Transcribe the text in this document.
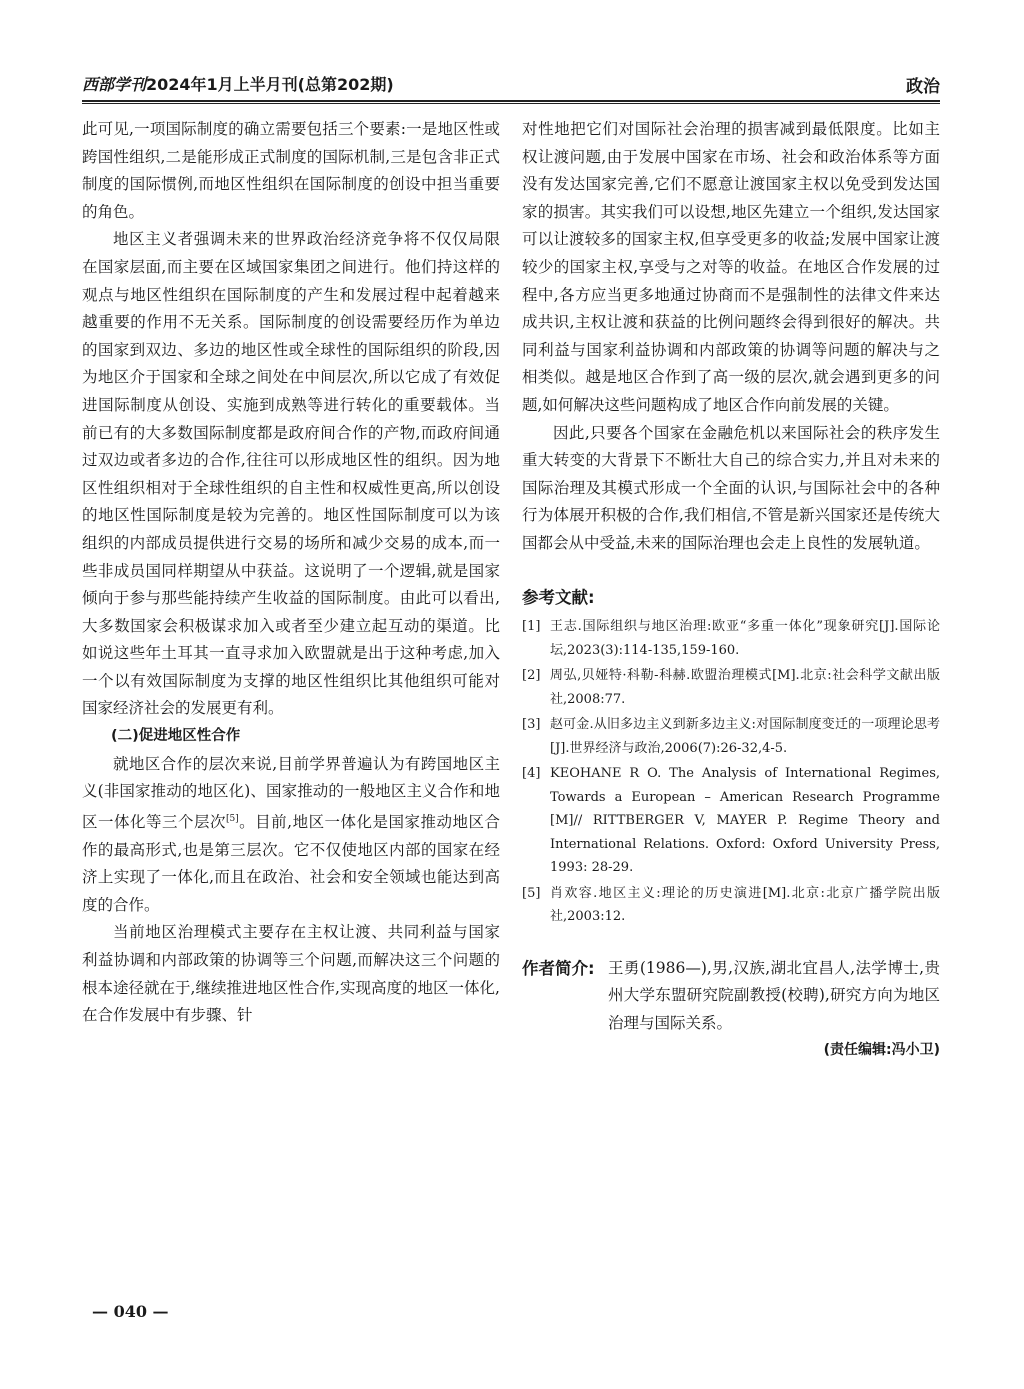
西部学刊2024年1月上半月刊(总第202期)	政治

此可见,一项国际制度的确立需要包括三个要素:一是地区性或跨国性组织,二是能形成正式制度的国际机制,三是包含非正式制度的国际惯例,而地区性组织在国际制度的创设中担当重要的角色。

地区主义者强调未来的世界政治经济竞争将不仅仅局限在国家层面,而主要在区域国家集团之间进行。他们持这样的观点与地区性组织在国际制度的产生和发展过程中起着越来越重要的作用不无关系。国际制度的创设需要经历作为单边的国家到双边、多边的地区性或全球性的国际组织的阶段,因为地区介于国家和全球之间处在中间层次,所以它成了有效促进国际制度从创设、实施到成熟等进行转化的重要载体。当前已有的大多数国际制度都是政府间合作的产物,而政府间通过双边或者多边的合作,往往可以形成地区性的组织。因为地区性组织相对于全球性组织的自主性和权威性更高,所以创设的地区性国际制度是较为完善的。地区性国际制度可以为该组织的内部成员提供进行交易的场所和减少交易的成本,而一些非成员国同样期望从中获益。这说明了一个逻辑,就是国家倾向于参与那些能持续产生收益的国际制度。由此可以看出,大多数国家会积极谋求加入或者至少建立起互动的渠道。比如说这些年土耳其一直寻求加入欧盟就是出于这种考虑,加入一个以有效国际制度为支撑的地区性组织比其他组织可能对国家经济社会的发展更有利。

(二)促进地区性合作

就地区合作的层次来说,目前学界普遍认为有跨国地区主义(非国家推动的地区化)、国家推动的一般地区主义合作和地区一体化等三个层次[5]。目前,地区一体化是国家推动地区合作的最高形式,也是第三层次。它不仅使地区内部的国家在经济上实现了一体化,而且在政治、社会和安全领域也能达到高度的合作。

当前地区治理模式主要存在主权让渡、共同利益与国家利益协调和内部政策的协调等三个问题,而解决这三个问题的根本途径就在于,继续推进地区性合作,实现高度的地区一体化,在合作发展中有步骤、针

对性地把它们对国际社会治理的损害减到最低限度。比如主权让渡问题,由于发展中国家在市场、社会和政治体系等方面没有发达国家完善,它们不愿意让渡国家主权以免受到发达国家的损害。其实我们可以设想,地区先建立一个组织,发达国家可以让渡较多的国家主权,但享受更多的收益;发展中国家让渡较少的国家主权,享受与之对等的收益。在地区合作发展的过程中,各方应当更多地通过协商而不是强制性的法律文件来达成共识,主权让渡和获益的比例问题终会得到很好的解决。共同利益与国家利益协调和内部政策的协调等问题的解决与之相类似。越是地区合作到了高一级的层次,就会遇到更多的问题,如何解决这些问题构成了地区合作向前发展的关键。

因此,只要各个国家在金融危机以来国际社会的秩序发生重大转变的大背景下不断壮大自己的综合实力,并且对未来的国际治理及其模式形成一个全面的认识,与国际社会中的各种行为体展开积极的合作,我们相信,不管是新兴国家还是传统大国都会从中受益,未来的国际治理也会走上良性的发展轨道。

参考文献:
[1] 王志.国际组织与地区治理:欧亚“多重一体化”现象研究[J].国际论坛,2023(3):114-135,159-160.
[2] 周弘,贝娅特·科勒-科赫.欧盟治理模式[M].北京:社会科学文献出版社,2008:77.
[3] 赵可金.从旧多边主义到新多边主义:对国际制度变迁的一项理论思考[J].世界经济与政治,2006(7):26-32,4-5.
[4] KEOHANE R O. The Analysis of International Regimes, Towards a European – American Research Programme [M]// RITTBERGER V, MAYER P. Regime Theory and International Relations. Oxford: Oxford University Press, 1993: 28-29.
[5] 肖欢容.地区主义:理论的历史演进[M].北京:北京广播学院出版社,2003:12.
作者简介: 王勇(1986—),男,汉族,湖北宜昌人,法学博士,贵州大学东盟研究院副教授(校聘),研究方向为地区治理与国际关系。
(责任编辑:冯小卫)
— 040 —
